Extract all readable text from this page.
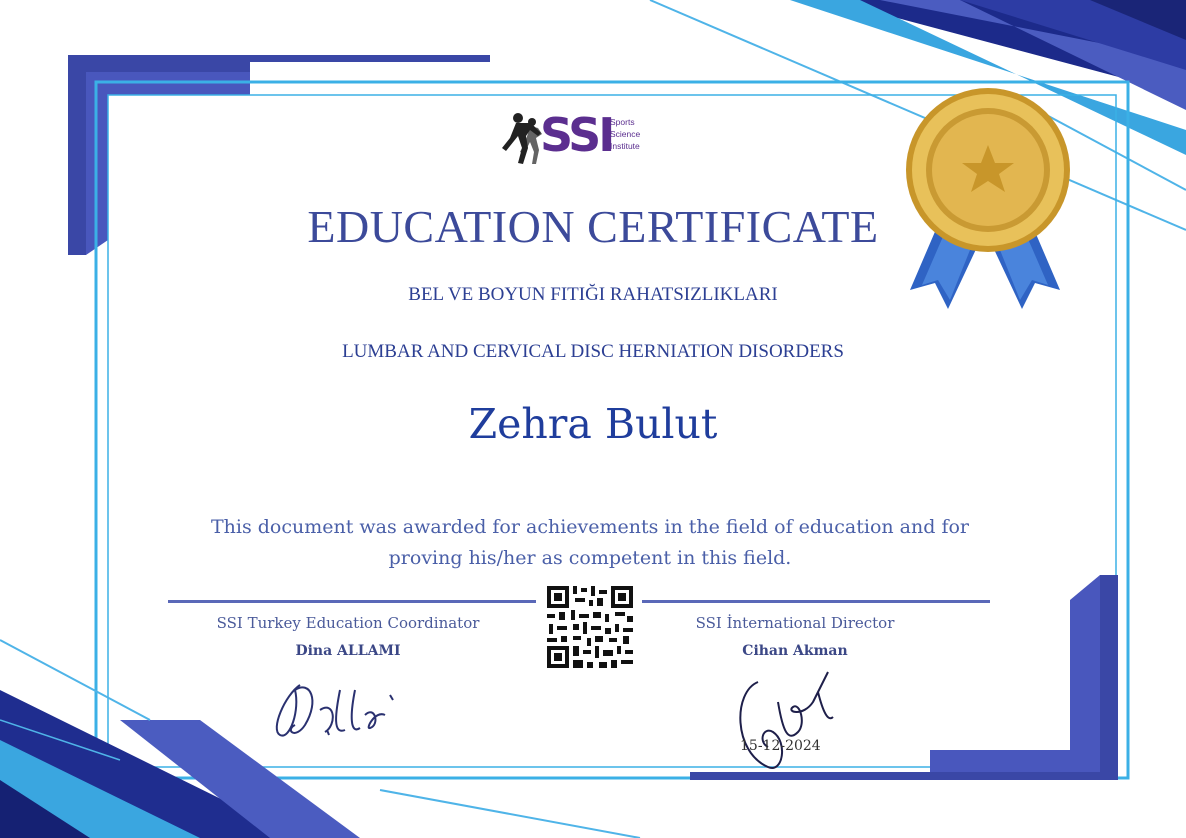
SSI
Sports
Science
Institute
EDUCATION CERTIFICATE
BEL VE BOYUN FITIĞI RAHATSIZLIKLARI
LUMBAR AND CERVICAL DISC HERNIATION DISORDERS
Zehra Bulut
This document was awarded for achievements in the field of education and for
proving his/her as competent in this field.
SSI Turkey Education Coordinator	SSI İnternational Director
Dina ALLAMI	Cihan Akman
15-12-2024
